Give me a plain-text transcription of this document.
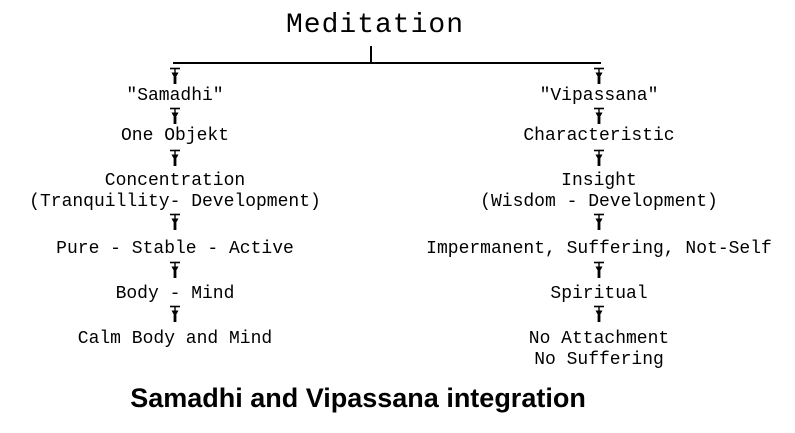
Meditation
"Samadhi"
One Objekt
Concentration
(Tranquillity- Development)
Pure - Stable - Active
Body - Mind
Calm Body and Mind
"Vipassana"
Characteristic
Insight
(Wisdom - Development)
Impermanent, Suffering, Not-Self
Spiritual
No Attachment
No Suffering
Samadhi and Vipassana integration
